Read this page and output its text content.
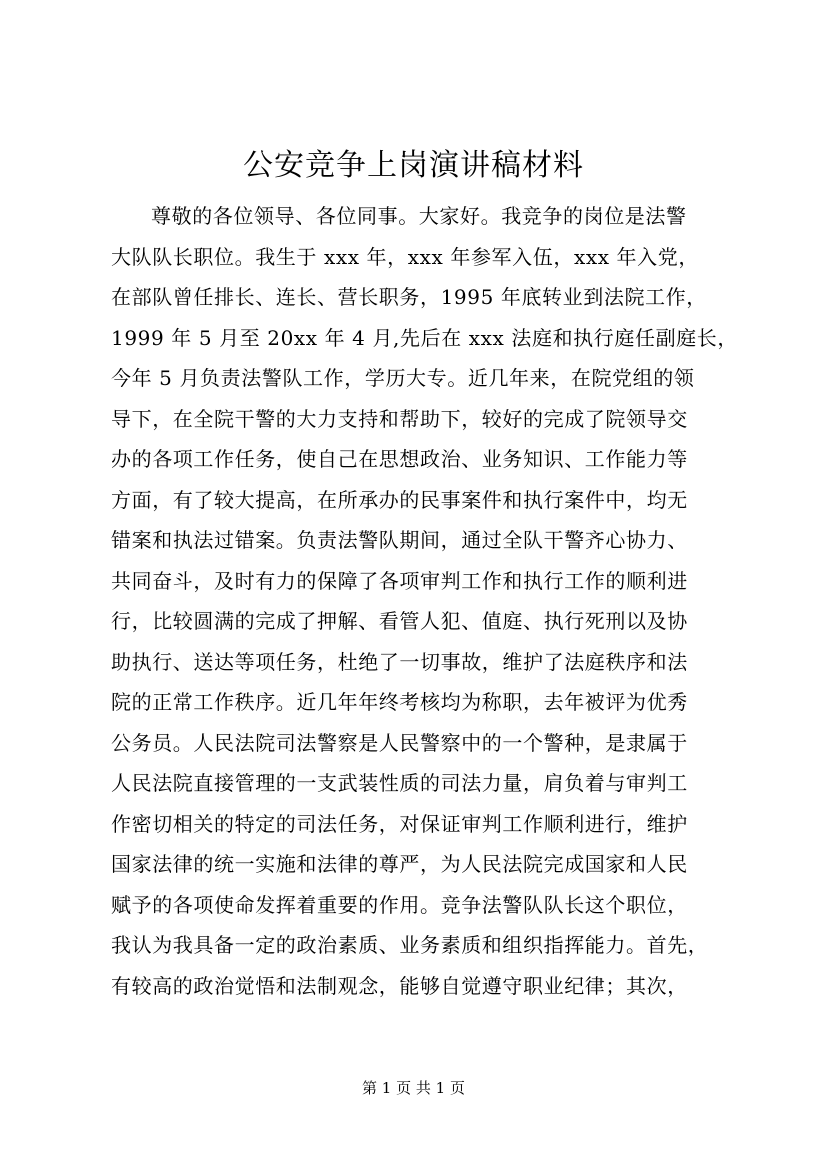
公安竞争上岗演讲稿材料
尊敬的各位领导、各位同事。大家好。我竞争的岗位是法警
大队队长职位。我生于 xxx 年，xxx 年参军入伍，xxx 年入党，
在部队曾任排长、连长、营长职务，1995 年底转业到法院工作，
1999 年 5 月至 20xx 年 4 月,先后在 xxx 法庭和执行庭任副庭长，
今年 5 月负责法警队工作，学历大专。近几年来，在院党组的领
导下，在全院干警的大力支持和帮助下，较好的完成了院领导交
办的各项工作任务，使自己在思想政治、业务知识、工作能力等
方面，有了较大提高，在所承办的民事案件和执行案件中，均无
错案和执法过错案。负责法警队期间，通过全队干警齐心协力、
共同奋斗，及时有力的保障了各项审判工作和执行工作的顺利进
行，比较圆满的完成了押解、看管人犯、值庭、执行死刑以及协
助执行、送达等项任务，杜绝了一切事故，维护了法庭秩序和法
院的正常工作秩序。近几年年终考核均为称职，去年被评为优秀
公务员。人民法院司法警察是人民警察中的一个警种，是隶属于
人民法院直接管理的一支武装性质的司法力量，肩负着与审判工
作密切相关的特定的司法任务，对保证审判工作顺利进行，维护
国家法律的统一实施和法律的尊严，为人民法院完成国家和人民
赋予的各项使命发挥着重要的作用。竞争法警队队长这个职位，
我认为我具备一定的政治素质、业务素质和组织指挥能力。首先，
有较高的政治觉悟和法制观念，能够自觉遵守职业纪律；其次，
第 1 页 共 1 页
